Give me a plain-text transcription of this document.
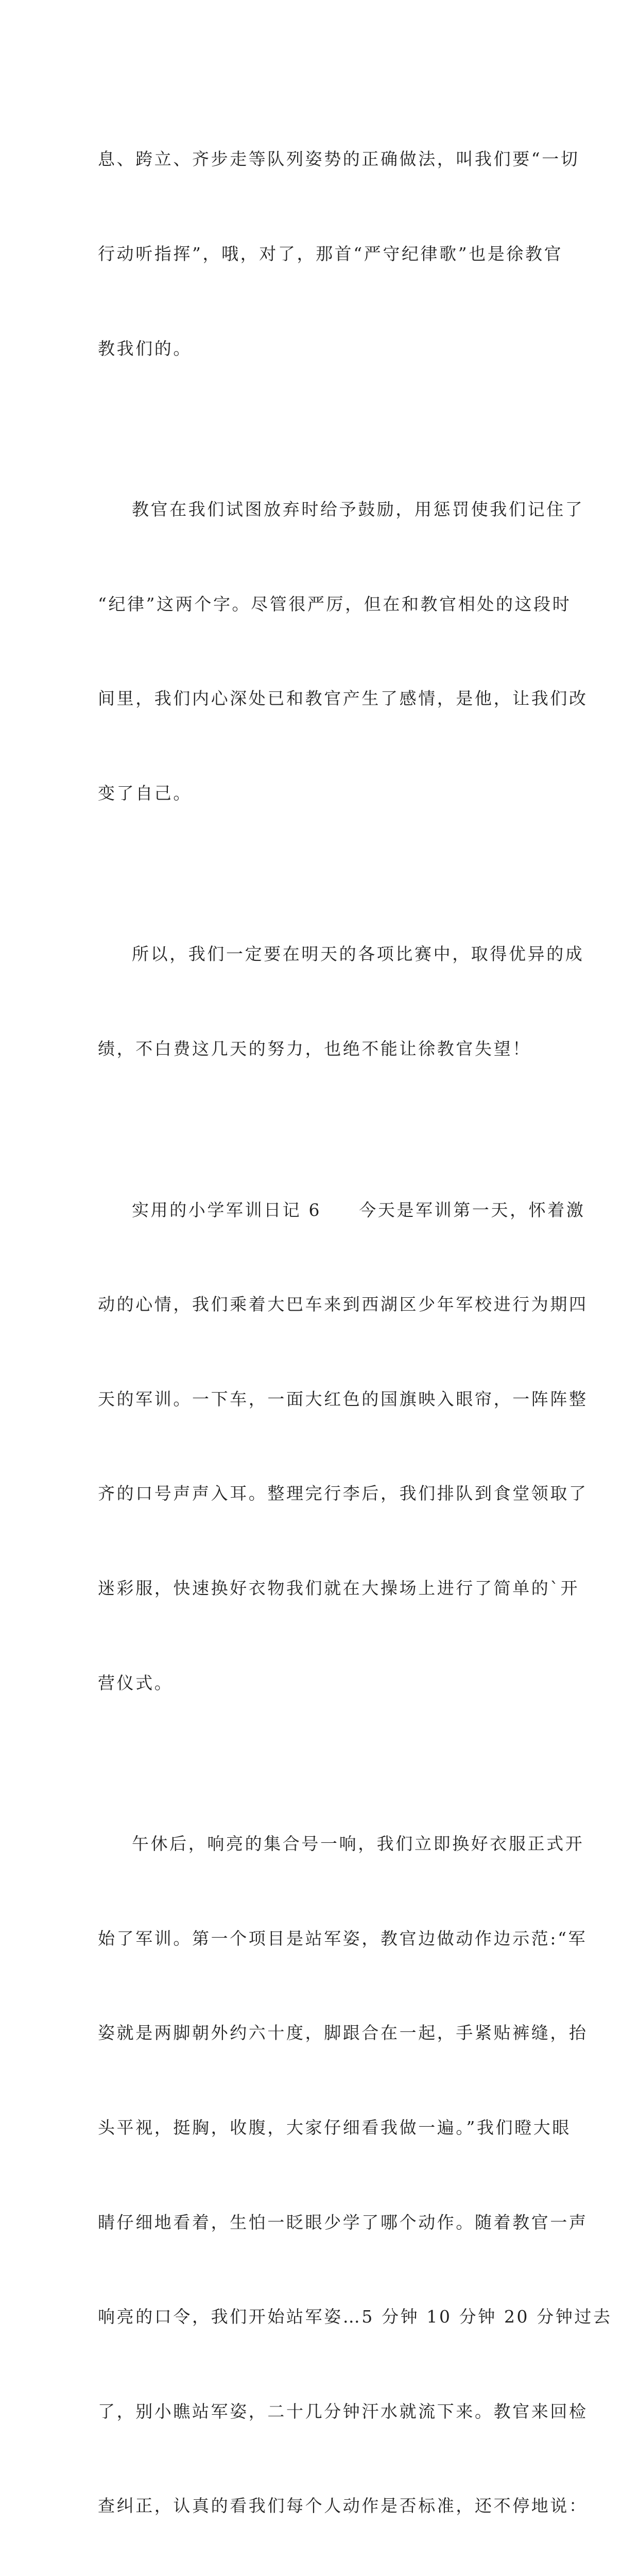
息、跨立、齐步走等队列姿势的正确做法，叫我们要“一切

行动听指挥”，哦，对了，那首“严守纪律歌”也是徐教官

教我们的。

教官在我们试图放弃时给予鼓励，用惩罚使我们记住了

“纪律”这两个字。尽管很严厉，但在和教官相处的这段时

间里，我们内心深处已和教官产生了感情，是他，让我们改

变了自己。

所以，我们一定要在明天的各项比赛中，取得优异的成

绩，不白费这几天的努力，也绝不能让徐教官失望！

实用的小学军训日记 6　　今天是军训第一天，怀着激

动的心情，我们乘着大巴车来到西湖区少年军校进行为期四

天的军训。一下车，一面大红色的国旗映入眼帘，一阵阵整

齐的口号声声入耳。整理完行李后，我们排队到食堂领取了

迷彩服，快速换好衣物我们就在大操场上进行了简单的`开

营仪式。

午休后，响亮的集合号一响，我们立即换好衣服正式开

始了军训。第一个项目是站军姿，教官边做动作边示范:“军

姿就是两脚朝外约六十度，脚跟合在一起，手紧贴裤缝，抬

头平视，挺胸，收腹，大家仔细看我做一遍。”我们瞪大眼

睛仔细地看着，生怕一眨眼少学了哪个动作。随着教官一声

响亮的口令，我们开始站军姿…5 分钟 10 分钟 20 分钟过去

了，别小瞧站军姿，二十几分钟汗水就流下来。教官来回检

查纠正，认真的看我们每个人动作是否标准，还不停地说：
